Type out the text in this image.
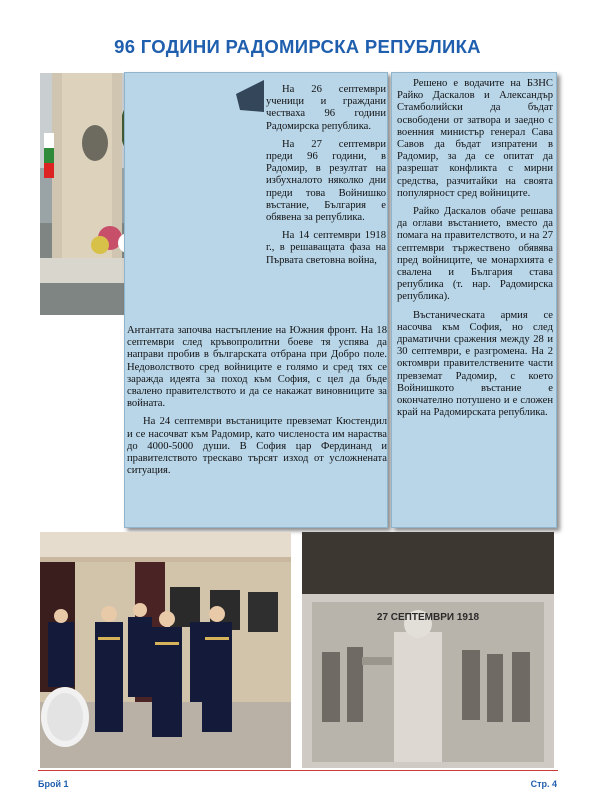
96 ГОДИНИ РАДОМИРСКА РЕПУБЛИКА

На 26 септември ученици и граждани честваха 96 години Радомирска република.

На 27 септември преди 96 години, в Радомир, в резултат на избухналото няколко дни преди това Войнишко въстание, България е обявена за република.

На 14 септември 1918 г., в решаващата фаза на Първата световна война,

Антантата започва настъплениe на Южния фронт. На 18 септември след кръвопролитни боеве тя успява да направи пробив в българската отбрана при Добро поле. Недоволството сред войниците е голямо и сред тях се заражда идеята за поход към София, с цел да бъде свалено правителството и да се накажат виновниците за войната.

На 24 септември въстаниците превземат Кюстендил и се насочват към Радомир, като численоста им нараства до 4000-5000 души. В София цар Фердинанд и правителството трескаво търсят изход от усложнената ситуация.

Решено е водачите на БЗНС Райко Даскалов и Александър Стамболийски да бъдат освободени от затвора и заедно с военния министър генерал Сава Савов да бъдат изпратени в Радомир, за да се опитат да разрешат конфликта с мирни средства, разчитайки на своята популярност сред войниците.

Райко Даскалов обаче решава да оглави въстанието, вместо да помага на правителството, и на 27 септември тържествено обявява пред войниците, че монархията е свалена и България става република (т. нар. Радомирска република).

Въстаническата армия се насочва към София, но след драматични сражения между 28 и 30 септември, е разгромена. На 2 октомври правителствените части превземат Радомир, с което Войнишкото въстание е окончателно потушено и е сложен край на Радомирската република.

27 СЕПТЕМВРИ 1918
Брой 1	Стр. 4
